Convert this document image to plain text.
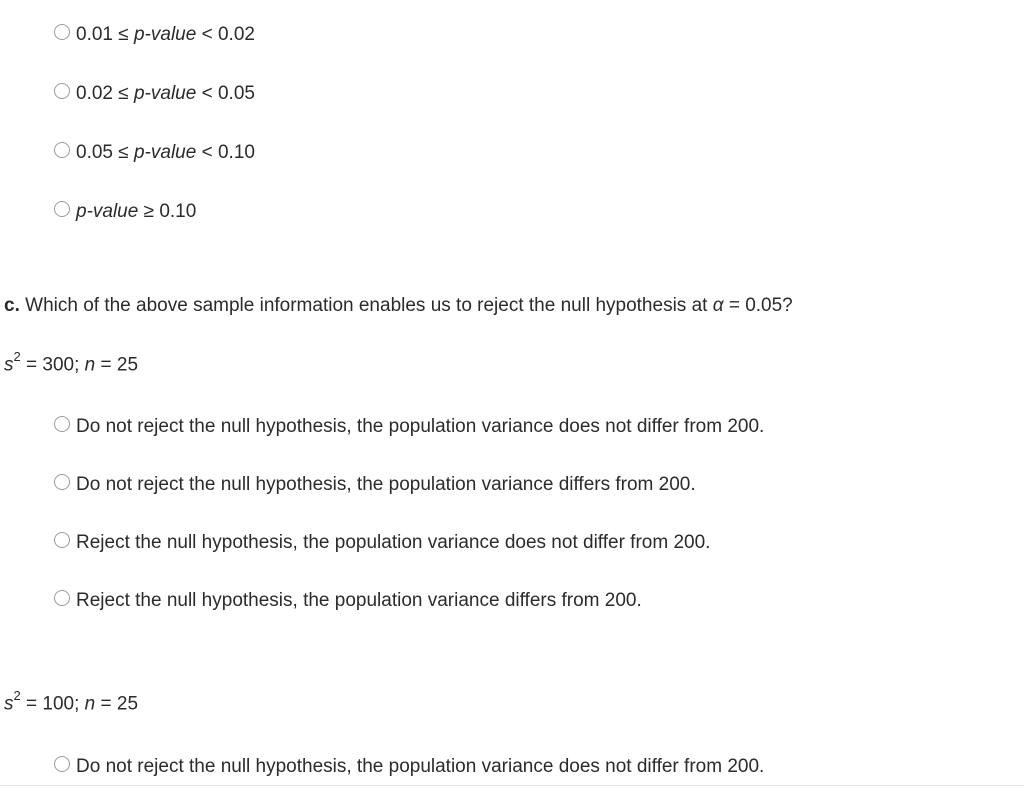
0.01 ≤ p-value < 0.02
0.02 ≤ p-value < 0.05
0.05 ≤ p-value < 0.10
p-value ≥ 0.10
c. Which of the above sample information enables us to reject the null hypothesis at α = 0.05?
$s^2 = 300$; n = 25
Do not reject the null hypothesis, the population variance does not differ from 200.
Do not reject the null hypothesis, the population variance differs from 200.
Reject the null hypothesis, the population variance does not differ from 200.
Reject the null hypothesis, the population variance differs from 200.
$s^2 = 100$; n = 25
Do not reject the null hypothesis, the population variance does not differ from 200.
